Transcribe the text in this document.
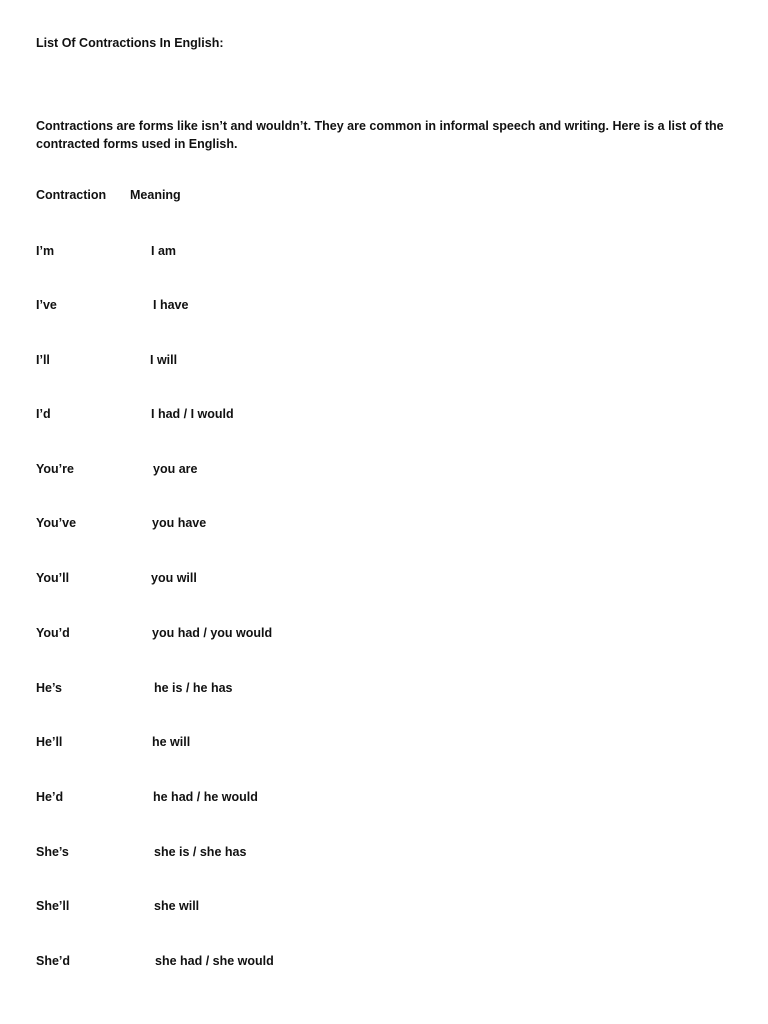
List Of Contractions In English:
Contractions are forms like isn’t and wouldn’t. They are common in informal speech and writing. Here is a list of the contracted forms used in English.
Contraction Meaning
I’m	I am
I’ve	I have
I’ll	I will
I’d	I had / I would
You’re	you are
You’ve	you have
You’ll	you will
You’d	you had / you would
He’s	he is / he has
He’ll	he will
He’d	he had / he would
She’s	she is / she has
She’ll	she will
She’d	she had / she would
